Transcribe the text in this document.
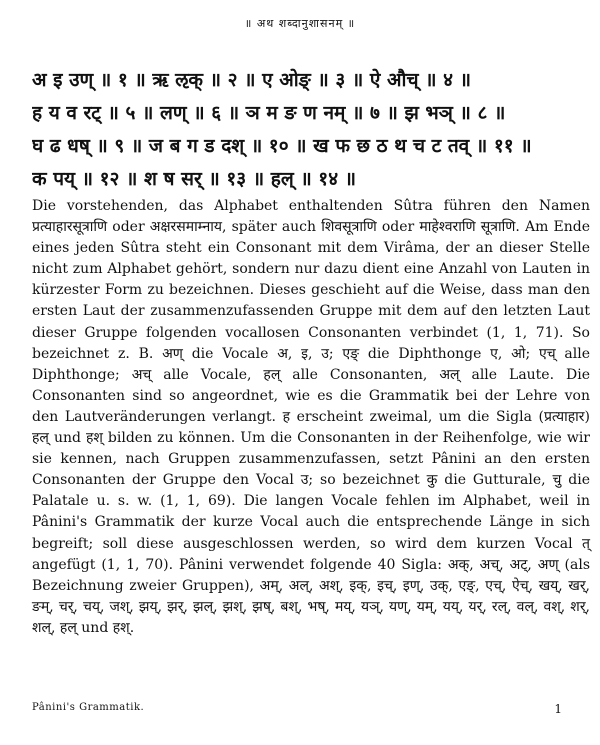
॥ अथ शब्दानुशासनम् ॥
अ इ उण् ॥ १ ॥ ऋ ऌक् ॥ २ ॥ ए ओङ् ॥ ३ ॥ ऐ औच् ॥ ४ ॥
ह य व रट् ॥ ५ ॥ लण् ॥ ६ ॥ ञ म ङ ण नम् ॥ ७ ॥ झ भञ् ॥ ८ ॥
घ ढ धष् ॥ ९ ॥ ज ब ग ड दश् ॥ १० ॥ ख फ छ ठ थ च ट तव् ॥ ११ ॥
क पय् ॥ १२ ॥ श ष सर् ॥ १३ ॥ हल् ॥ १४ ॥

Die vorstehenden, das Alphabet enthaltenden Sûtra führen den Namen प्रत्याहारसूत्राणि oder अक्षरसमाम्नाय, später auch शिवसूत्राणि oder माहेश्वराणि सूत्राणि. Am Ende eines jeden Sûtra steht ein Consonant mit dem Virâma, der an dieser Stelle nicht zum Alphabet gehört, sondern nur dazu dient eine Anzahl von Lauten in kürzester Form zu bezeichnen. Dieses geschieht auf die Weise, dass man den ersten Laut der zusammenzufassenden Gruppe mit dem auf den letzten Laut dieser Gruppe folgenden vocallosen Consonanten verbindet (1, 1, 71). So bezeichnet z. B. अण् die Vocale अ, इ, उ; एङ् die Diphthonge ए, ओ; एच् alle Diphthonge; अच् alle Vocale, हल् alle Consonanten, अल् alle Laute. Die Consonanten sind so angeordnet, wie es die Grammatik bei der Lehre von den Lautveränderungen verlangt. ह erscheint zweimal, um die Sigla (प्रत्याहार) हल् und हश् bilden zu können. Um die Consonanten in der Reihenfolge, wie wir sie kennen, nach Gruppen zusammenzufassen, setzt Pânini an den ersten Consonanten der Gruppe den Vocal उ; so bezeichnet कु die Gutturale, चु die Palatale u. s. w. (1, 1, 69). Die langen Vocale fehlen im Alphabet, weil in Pânini's Grammatik der kurze Vocal auch die entsprechende Länge in sich begreift; soll diese ausgeschlossen werden, so wird dem kurzen Vocal त् angefügt (1, 1, 70). Pânini verwendet folgende 40 Sigla: अक्, अच्, अट्, अण् (als Bezeichnung zweier Gruppen), अम्, अल्, अश्, इक्, इच्, इण्, उक्, एङ्, एच्, ऐच्, खय्, खर्, ङम्, चर्, चय्, जश्, झय्, झर्, झल्, झश्, झष्, बश्, भष्, मय्, यञ्, यण्, यम्, यय्, यर्, रल्, वल्, वश्, शर्, शल्, हल् und हश्.

Pânini's Grammatik.	1
